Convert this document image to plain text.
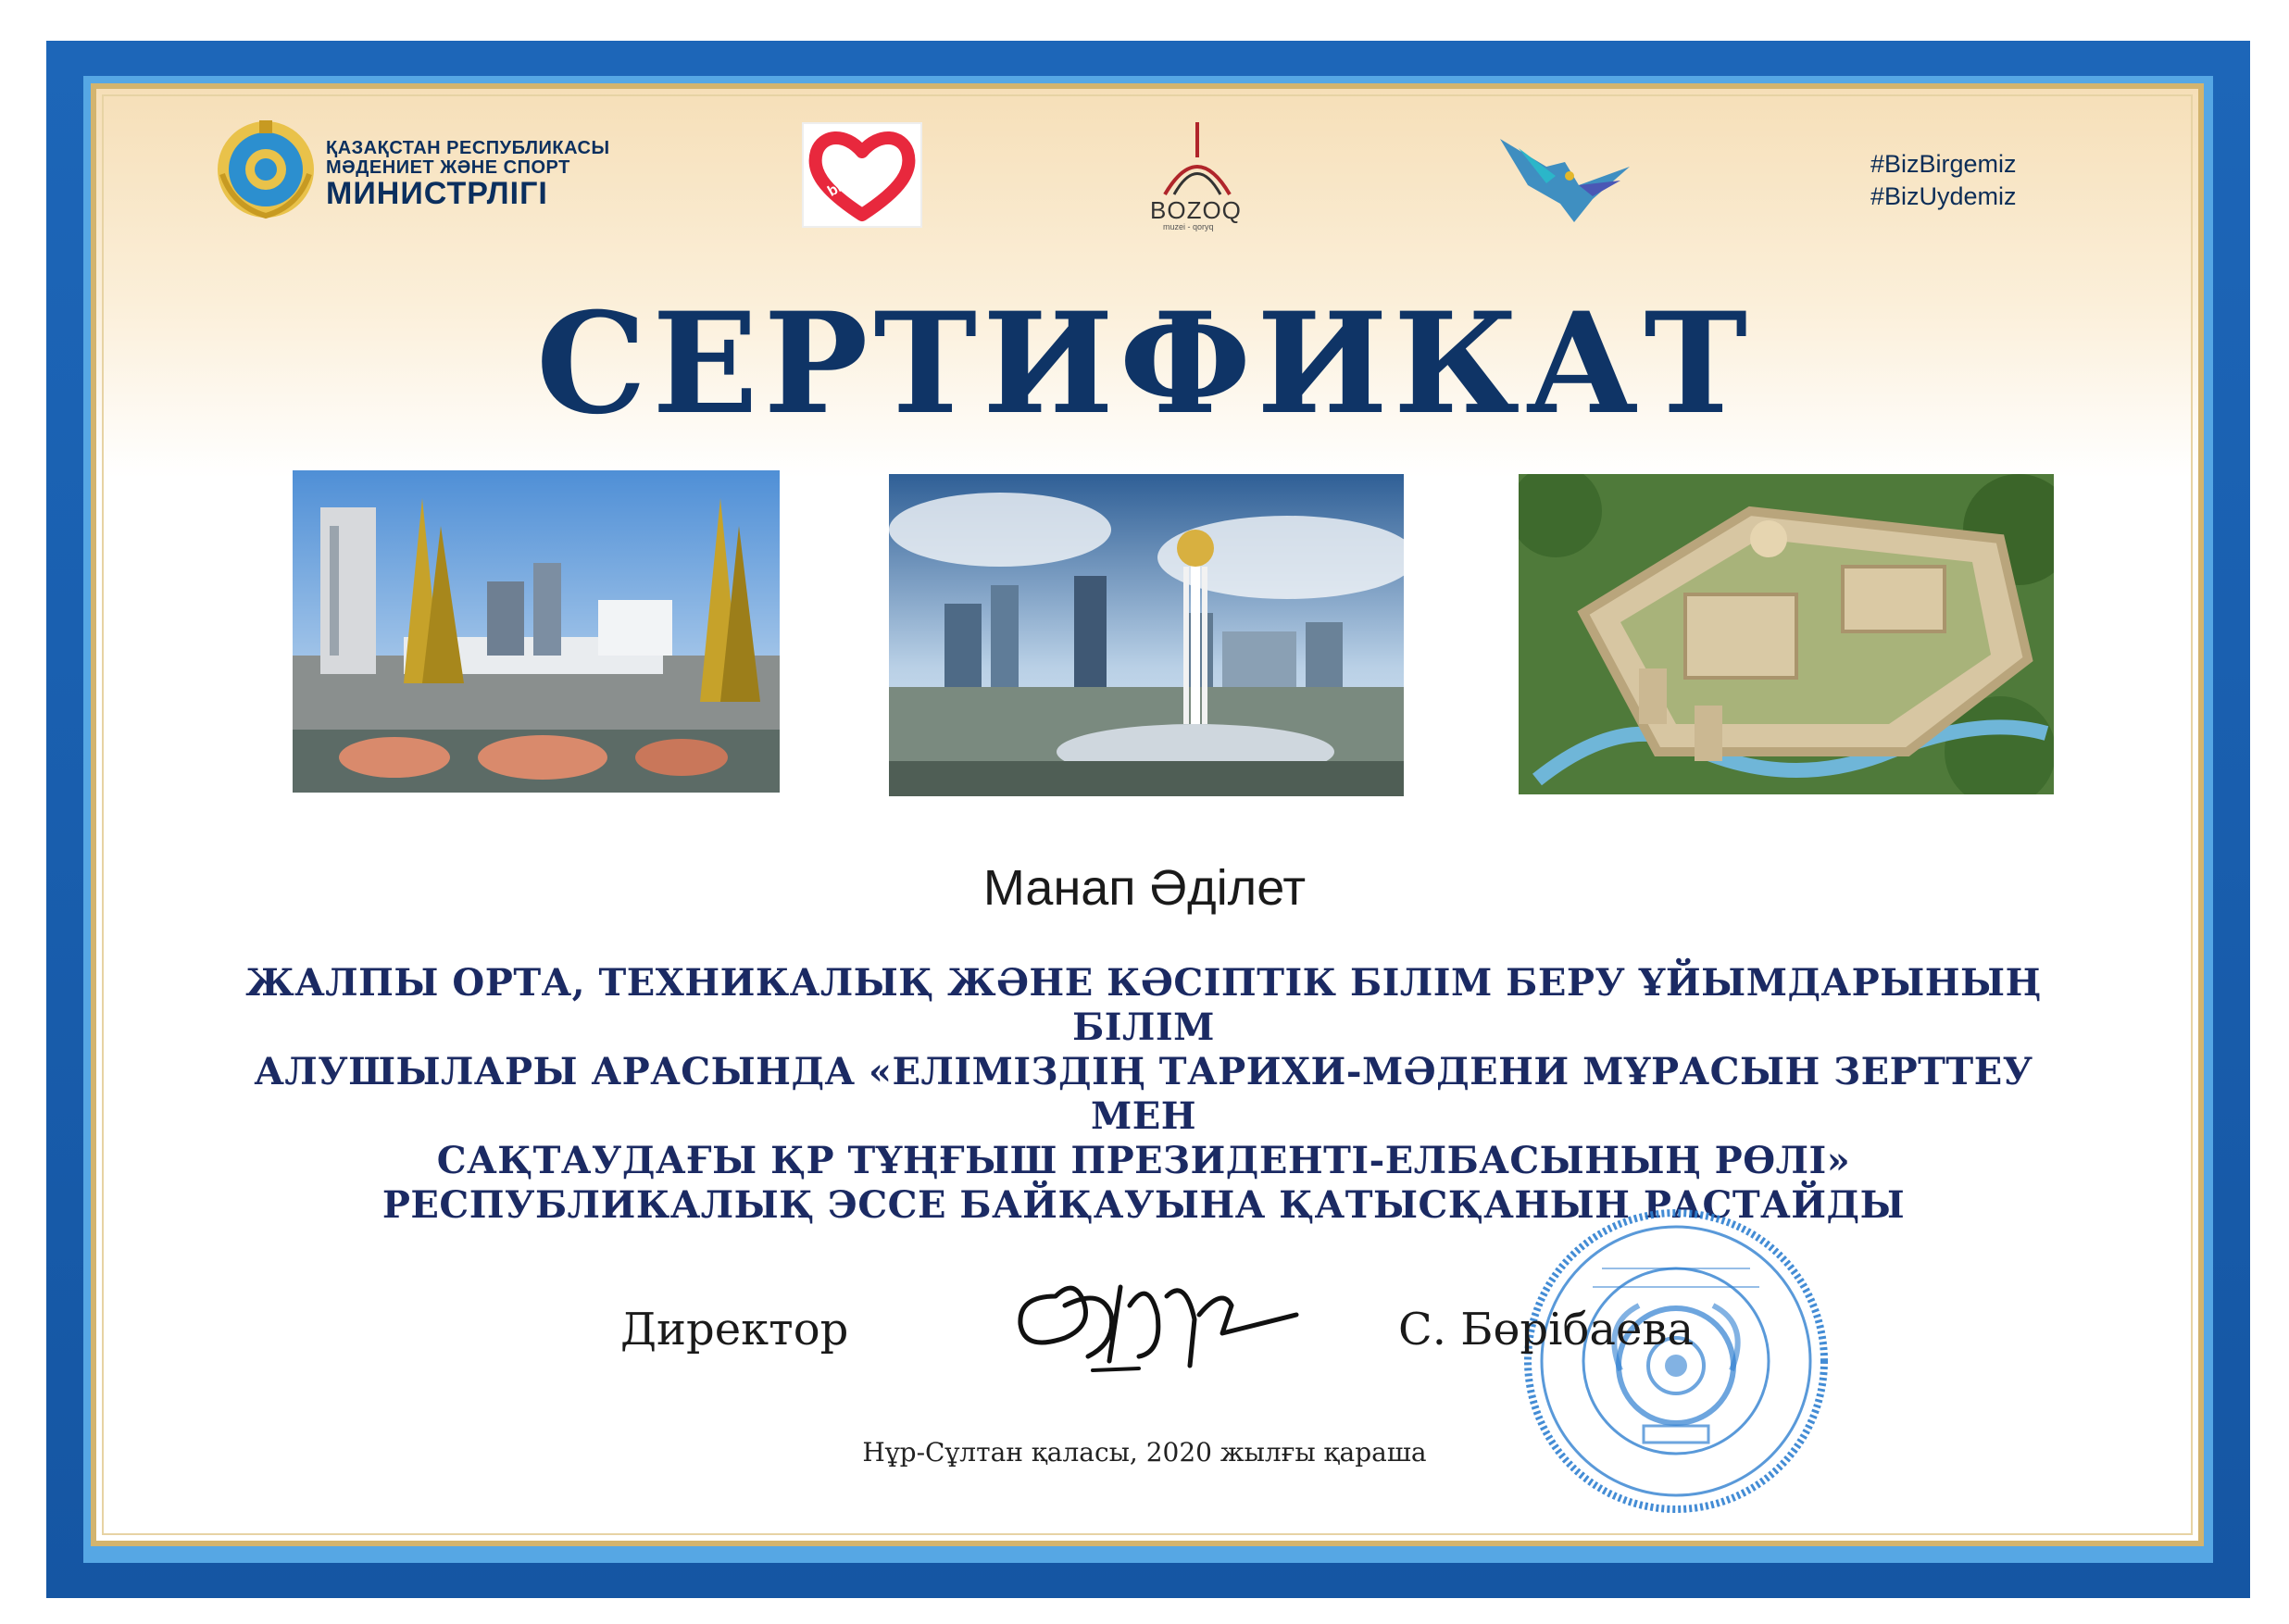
ҚАЗАҚСТАН РЕСПУБЛИКАСЫ
МӘДЕНИЕТ ЖӘНЕ СПОРТ
МИНИСТРЛІГІ	birgemiz
BOZOQ
muzei - qoryq
#BizBirgemiz
#BizUydemiz
СЕРТИФИКАТ
Манап Әділет
ЖАЛПЫ ОРТА, ТЕХНИКАЛЫҚ ЖӘНЕ КӘСІПТІК БІЛІМ БЕРУ ҰЙЫМДАРЫНЫҢ БІЛІМ
АЛУШЫЛАРЫ АРАСЫНДА «ЕЛІМІЗДІҢ ТАРИХИ-МӘДЕНИ МҰРАСЫН ЗЕРТТЕУ МЕН
САҚТАУДАҒЫ ҚР ТҰҢҒЫШ ПРЕЗИДЕНТІ-ЕЛБАСЫНЫҢ РӨЛІ»
РЕСПУБЛИКАЛЫҚ ЭССЕ БАЙҚАУЫНА ҚАТЫСҚАНЫН РАСТАЙДЫ
Директор	С. Бөрібаева
Нұр-Сұлтан қаласы, 2020 жылғы қараша
